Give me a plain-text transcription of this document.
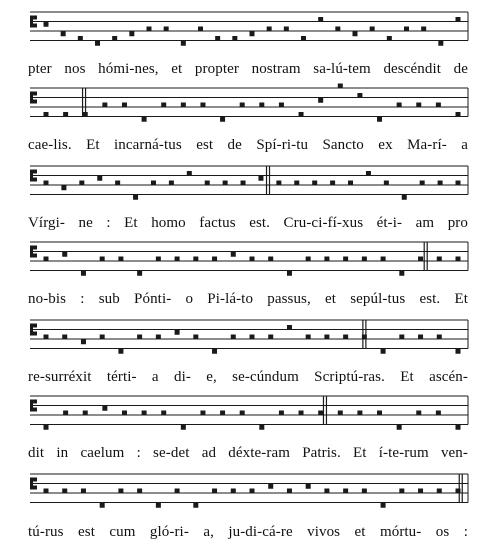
pter nos hómi-nes, et propter nostram sa-lú-tem descéndit de
cae-lis. Et incarná-tus est de Spí-ri-tu Sancto ex Ma-rí- a
Vírgi- ne : Et homo factus est. Cru-ci-fí-xus ét-i- am pro
no-bis : sub Pónti- o Pi-lá-to passus, et sepúl-tus est. Et
re-surréxit térti- a di- e, se-cúndum Scriptú-ras. Et ascén-
dit in caelum : se-det ad déxte-ram Patris. Et í-te-rum ven-
tú-rus est cum gló-ri- a, ju-di-cá-re vivos et mórtu- os :
